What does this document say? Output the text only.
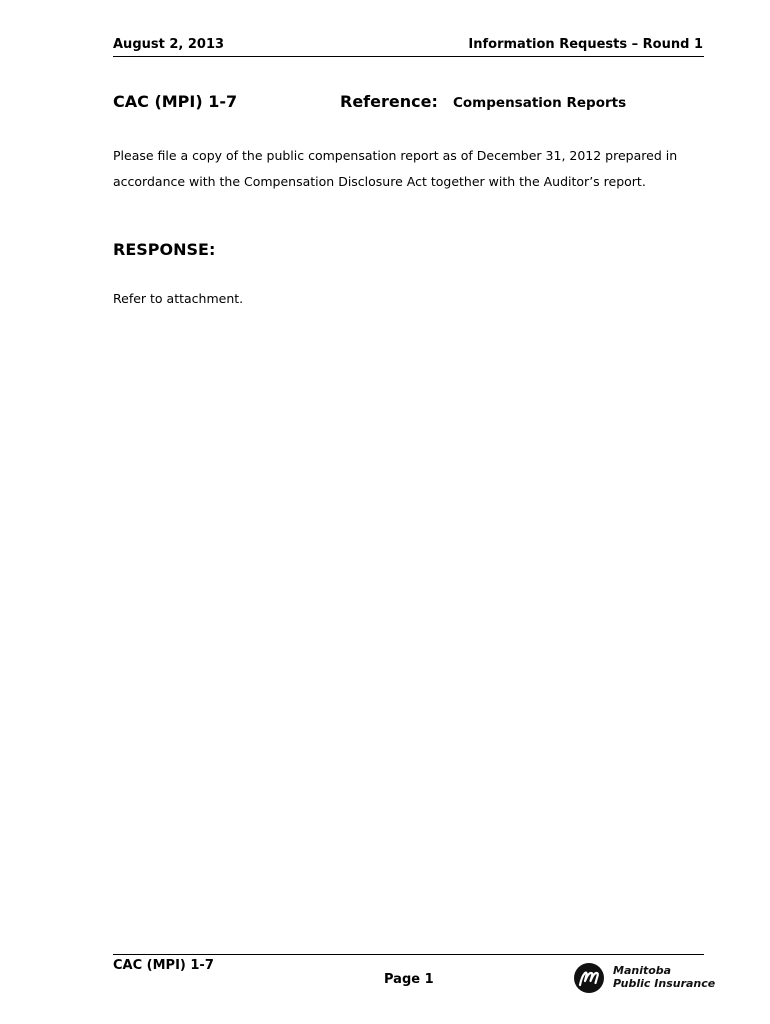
August 2, 2013	Information Requests – Round 1
CAC (MPI) 1-7	Reference: Compensation Reports

Please file a copy of the public compensation report as of December 31, 2012 prepared in
accordance with the Compensation Disclosure Act together with the Auditor’s report.

RESPONSE:
Refer to attachment.
CAC (MPI) 1-7
Page 1
Manitoba
Public Insurance
